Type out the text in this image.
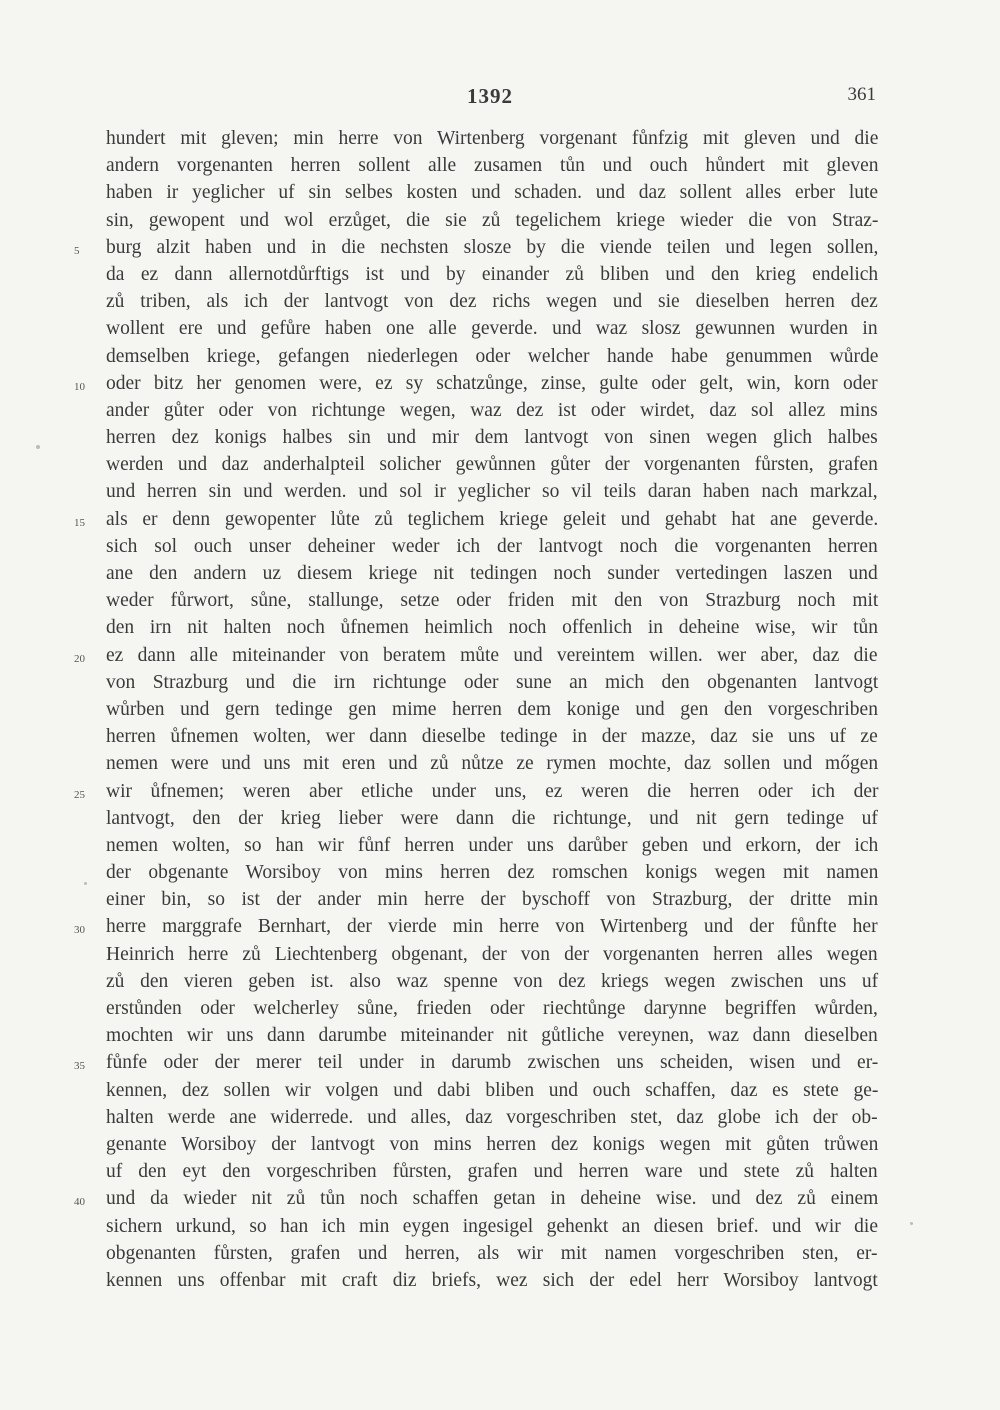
1392	361
hundert mit gleven; min herre von Wirtenberg vorgenant fůnfzig mit gleven und die
andern vorgenanten herren sollent alle zusamen tůn und ouch hůndert mit gleven
haben ir yeglicher uf sin selbes kosten und schaden. und daz sollent alles erber lute
sin, gewopent und wol erzůget, die sie zů tegelichem kriege wieder die von Straz-
5	burg alzit haben und in die nechsten slosze by die viende teilen und legen sollen,
da ez dann allernotdůrftigs ist und by einander zů bliben und den krieg endelich
zů triben, als ich der lantvogt von dez richs wegen und sie dieselben herren dez
wollent ere und gefůre haben one alle geverde. und waz slosz gewunnen wurden in
demselben kriege, gefangen niederlegen oder welcher hande habe genummen wůrde
10	oder bitz her genomen were, ez sy schatzůnge, zinse, gulte oder gelt, win, korn oder
ander gůter oder von richtunge wegen, waz dez ist oder wirdet, daz sol allez mins
herren dez konigs halbes sin und mir dem lantvogt von sinen wegen glich halbes
werden und daz anderhalpteil solicher gewůnnen gůter der vorgenanten fůrsten, grafen
und herren sin und werden. und sol ir yeglicher so vil teils daran haben nach markzal,
15	als er denn gewopenter lůte zů teglichem kriege geleit und gehabt hat ane geverde.
sich sol ouch unser deheiner weder ich der lantvogt noch die vorgenanten herren
ane den andern uz diesem kriege nit tedingen noch sunder vertedingen laszen und
weder fůrwort, sůne, stallunge, setze oder friden mit den von Strazburg noch mit
den irn nit halten noch ůfnemen heimlich noch offenlich in deheine wise, wir tůn
20	ez dann alle miteinander von beratem můte und vereintem willen. wer aber, daz die
von Strazburg und die irn richtunge oder sune an mich den obgenanten lantvogt
wůrben und gern tedinge gen mime herren dem konige und gen den vorgeschriben
herren ůfnemen wolten, wer dann dieselbe tedinge in der mazze, daz sie uns uf ze
nemen were und uns mit eren und zů nůtze ze rymen mochte, daz sollen und mőgen
25	wir ůfnemen; weren aber etliche under uns, ez weren die herren oder ich der
lantvogt, den der krieg lieber were dann die richtunge, und nit gern tedinge uf
nemen wolten, so han wir fůnf herren under uns darůber geben und erkorn, der ich
der obgenante Worsiboy von mins herren dez romschen konigs wegen mit namen
einer bin, so ist der ander min herre der byschoff von Strazburg, der dritte min
30	herre marggrafe Bernhart, der vierde min herre von Wirtenberg und der fůnfte her
Heinrich herre zů Liechtenberg obgenant, der von der vorgenanten herren alles wegen
zů den vieren geben ist. also waz spenne von dez kriegs wegen zwischen uns uf
erstůnden oder welcherley sůne, frieden oder riechtůnge darynne begriffen wůrden,
mochten wir uns dann darumbe miteinander nit gůtliche vereynen, waz dann dieselben
35	fůnfe oder der merer teil under in darumb zwischen uns scheiden, wisen und er-
kennen, dez sollen wir volgen und dabi bliben und ouch schaffen, daz es stete ge-
halten werde ane widerrede. und alles, daz vorgeschriben stet, daz globe ich der ob-
genante Worsiboy der lantvogt von mins herren dez konigs wegen mit gůten trůwen
uf den eyt den vorgeschriben fůrsten, grafen und herren ware und stete zů halten
40	und da wieder nit zů tůn noch schaffen getan in deheine wise. und dez zů einem
sichern urkund, so han ich min eygen ingesigel gehenkt an diesen brief. und wir die
obgenanten fůrsten, grafen und herren, als wir mit namen vorgeschriben sten, er-
kennen uns offenbar mit craft diz briefs, wez sich der edel herr Worsiboy lantvogt
